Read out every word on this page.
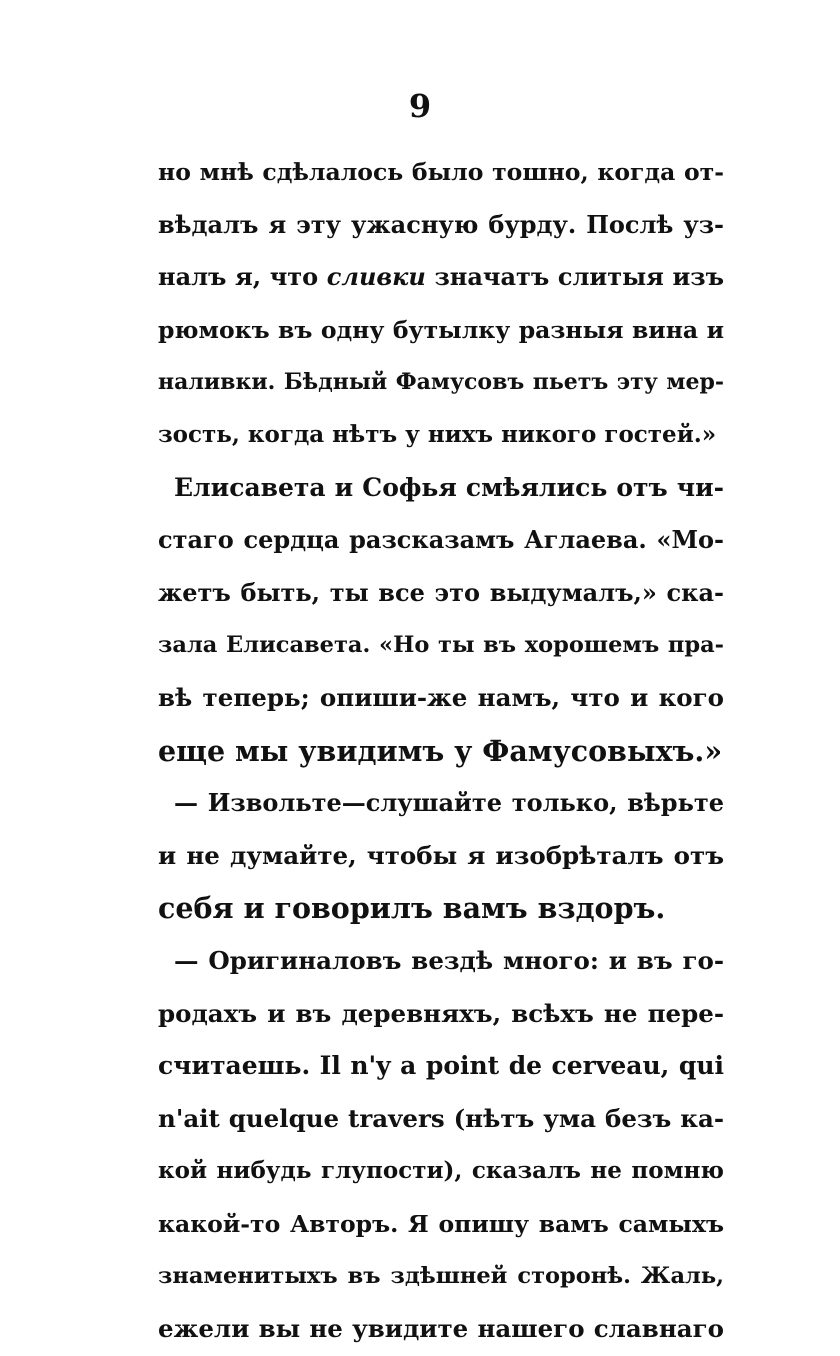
9
но мнѣ сдѣлалось было тошно, когда от-
вѣдалъ я эту ужасную бурду. Послѣ уз-
налъ я, что сливки значатъ слитыя изъ
рюмокъ въ одну бутылку разныя вина и
наливки. Бѣдный Фамусовъ пьетъ эту мер-
зость, когда нѣтъ у нихъ никого гостей.»
Елисавета и Софья смѣялись отъ чи-
стаго сердца разсказамъ Аглаева. «Мо-
жетъ быть, ты все это выдумалъ,» ска-
зала Елисавета. «Но ты въ хорошемъ пра-
вѣ теперь; опиши-же намъ, что и кого
еще мы увидимъ у Фамусовыхъ.»
— Извольте—слушайте только, вѣрьте
и не думайте, чтобы я изобрѣталъ отъ
себя и говорилъ вамъ вздоръ.
— Оригиналовъ вездѣ много: и въ го-
родахъ и въ деревняхъ, всѣхъ не пере-
считаешь. Il n'y a point de cerveau, qui
n'ait quelque travers (нѣтъ ума безъ ка-
кой нибудь глупости), сказалъ не помню
какой-то Авторъ. Я опишу вамъ самыхъ
знаменитыхъ въ здѣшней сторонѣ. Жаль,
ежели вы не увидите нашего славнаго
